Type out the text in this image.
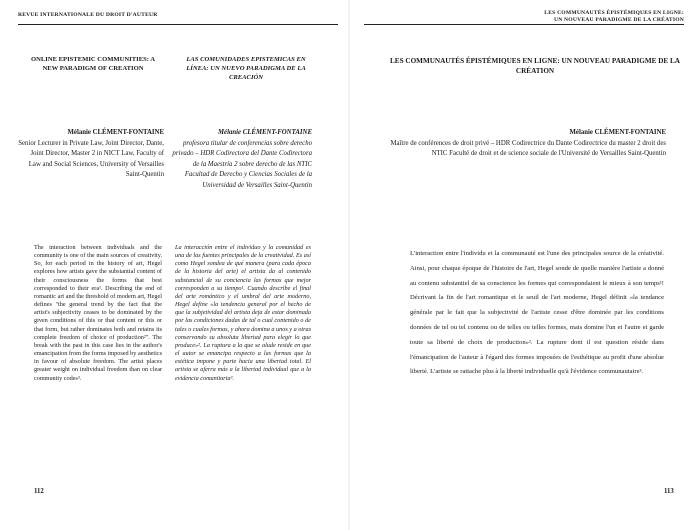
REVUE INTERNATIONALE DU DROIT D'AUTEUR
ONLINE EPISTEMIC COMMUNITIES: A NEW PARADIGM OF CREATION
LAS COMUNIDADES EPISTEMICAS EN LÍNEA: UN NUEVO PARADIGMA DE LA CREACIÓN
Mélanie CLÉMENT-FONTAINE
Senior Lecturer in Private Law, Joint Director, Dante, Joint Director, Master 2 in NICT Law, Faculty of Law and Social Sciences, University of Versailles Saint-Quentin
Mélanie CLÉMENT-FONTAINE
profesora titular de conferencias sobre derecho privado – HDR Codirectora del Dante Codirectora de la Maestría 2 sobre derecho de las NTIC Facultad de Derecho y Ciencias Sociales de la Universidad de Versailles Saint-Quentin
The interaction between individuals and the community is one of the main sources of creativity. So, for each period in the history of art, Hegel explores how artists gave the substantial content of their consciousness the forms that best corresponded to their era¹. Describing the end of romantic art and the threshold of modern art, Hegel defines "the general trend by the fact that the artist's subjectivity ceases to be dominated by the given conditions of this or that content or this or that form, but rather dominates both and retains its complete freedom of choice of production²". The break with the past in this case lies in the author's emancipation from the forms imposed by aesthetics in favour of absolute freedom. The artist places greater weight on individual freedom than on clear community codes³.
La interacción entre el individuo y la comunidad es una de las fuentes principales de la creatividad. Es así como Hegel sondea de qué manera (para cada época de la historia del arte) el artista da al contenido substancial de su conciencia las formas que mejor corresponden a su tiempo¹. Cuando describe el final del arte romántico y el umbral del arte moderno, Hegel define «la tendencia general por el hecho de que la subjetividad del artista deja de estar dominada por las condiciones dadas de tal o cual contenido o de tales o cuales formas, y ahora domina a unos y a otras conservando su absoluta libertad para elegir lo que produce»². La ruptura a la que se alude reside en que el autor se emancipa respecto a las formas que la estética impone y parte hacia una libertad total. El artista se aferra más a la libertad individual que a la evidencia comunitaria³.
112
LES COMMUNAUTÉS ÉPISTÉMIQUES EN LIGNE:
UN NOUVEAU PARADIGME DE LA CRÉATION
LES COMMUNAUTÉS ÉPISTÉMIQUES EN LIGNE: UN NOUVEAU PARADIGME DE LA CRÉATION
Mélanie CLÉMENT-FONTAINE
Maître de conférences de droit privé – HDR Codirectrice du Dante Codirectrice du master 2 droit des NTIC Faculté de droit et de science sociale de l'Université de Versailles Saint-Quentin
L'interaction entre l'individu et la communauté est l'une des principales source de la créativité. Ainsi, pour chaque époque de l'histoire de l'art, Hegel sonde de quelle manière l'artiste a donné au contenu substantiel de sa conscience les formes qui correspondaient le mieux à son temps¹! Décrivant la fin de l'art romantique et le seuil de l'art moderne, Hegel définit «la tendance générale par le fait que la subjectivité de l'artiste cesse d'être dominée par les conditions données de tel ou tel contenu ou de telles ou telles formes, mais domine l'un et l'autre et garde toute sa liberté de choix de production»². La rupture dont il est question réside dans l'émancipation de l'auteur à l'égard des formes imposées de l'esthétique au profit d'une absolue liberté. L'artiste se rattache plus à la liberté individuelle qu'à l'évidence communautaire³.
113
